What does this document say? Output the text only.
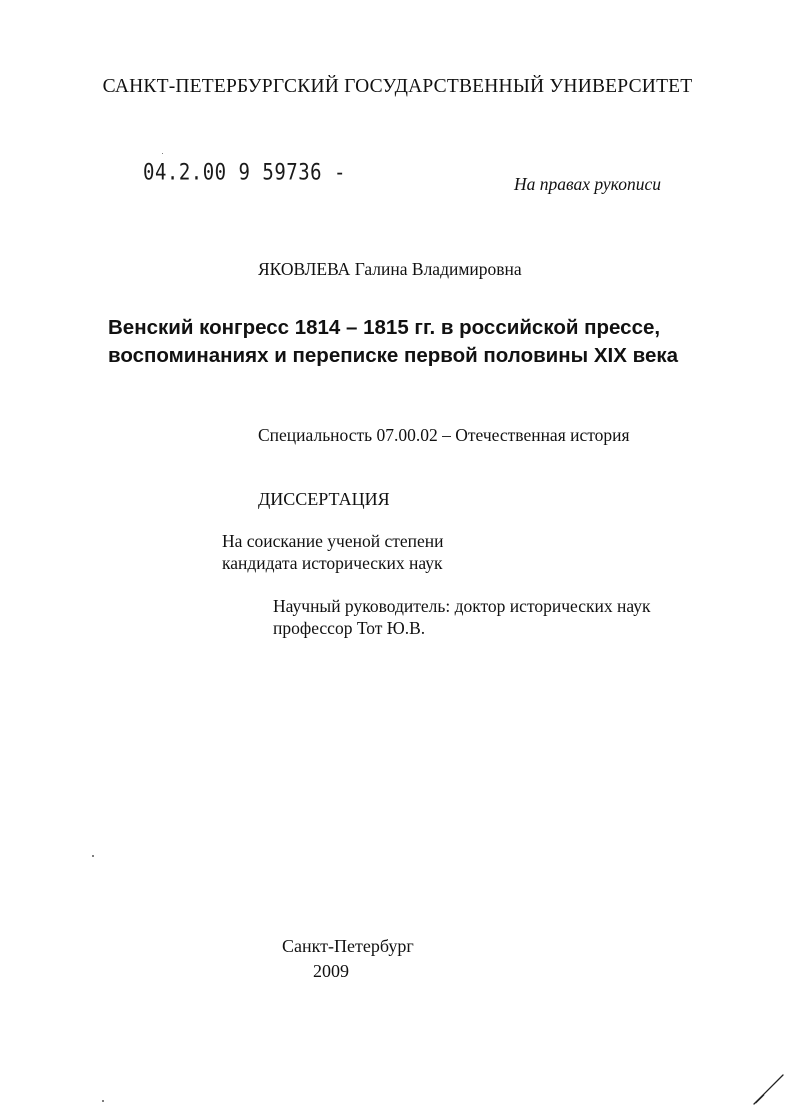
САНКТ-ПЕТЕРБУРГСКИЙ ГОСУДАРСТВЕННЫЙ УНИВЕРСИТЕТ
04.2.00 9 59736 -	На правах рукописи
ЯКОВЛЕВА Галина Владимировна
Венский конгресс 1814 – 1815 гг. в российской прессе,
воспоминаниях и переписке первой половины XIX века
Специальность 07.00.02 – Отечественная история
ДИССЕРТАЦИЯ
На соискание ученой степени
кандидата исторических наук
Научный руководитель: доктор исторических наук
профессор Тот Ю.В.
Санкт-Петербург
2009
